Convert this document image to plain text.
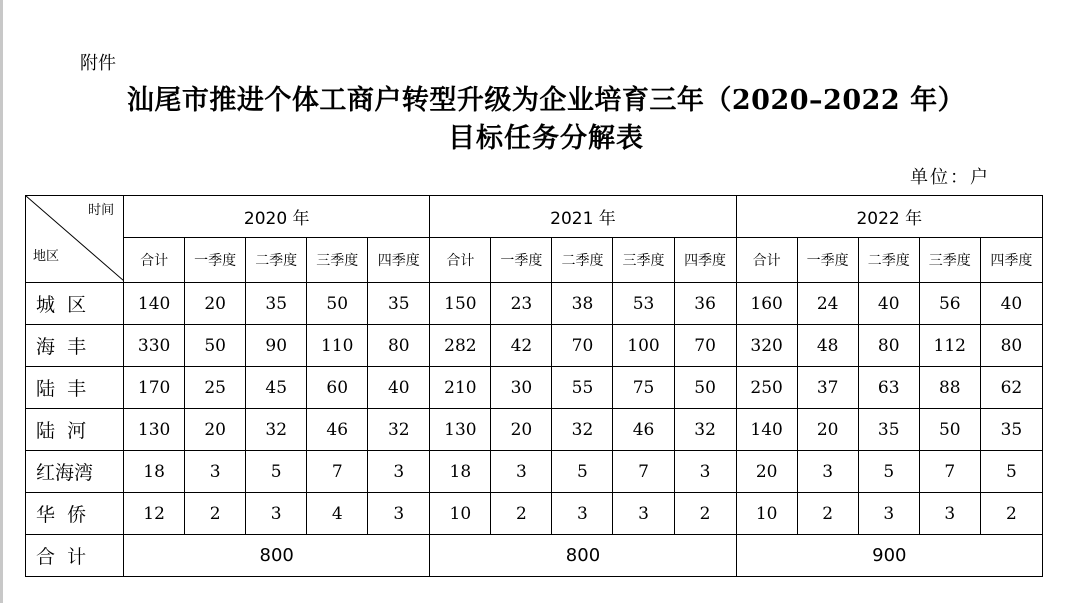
附件
汕尾市推进个体工商户转型升级为企业培育三年（2020–2022 年）
目标任务分解表
单位：户
时间
地区	2020 年					2021 年					2022 年				
	合计	一季度	二季度	三季度	四季度	合计	一季度	二季度	三季度	四季度	合计	一季度	二季度	三季度	四季度
城  区	140	20	35	50	35	150	23	38	53	36	160	24	40	56	40
海  丰	330	50	90	110	80	282	42	70	100	70	320	48	80	112	80
陆  丰	170	25	45	60	40	210	30	55	75	50	250	37	63	88	62
陆  河	130	20	32	46	32	130	20	32	46	32	140	20	35	50	35
红海湾	18	3	5	7	3	18	3	5	7	3	20	3	5	7	5
华  侨	12	2	3	4	3	10	2	3	3	2	10	2	3	3	2
合  计	800					800					900				
